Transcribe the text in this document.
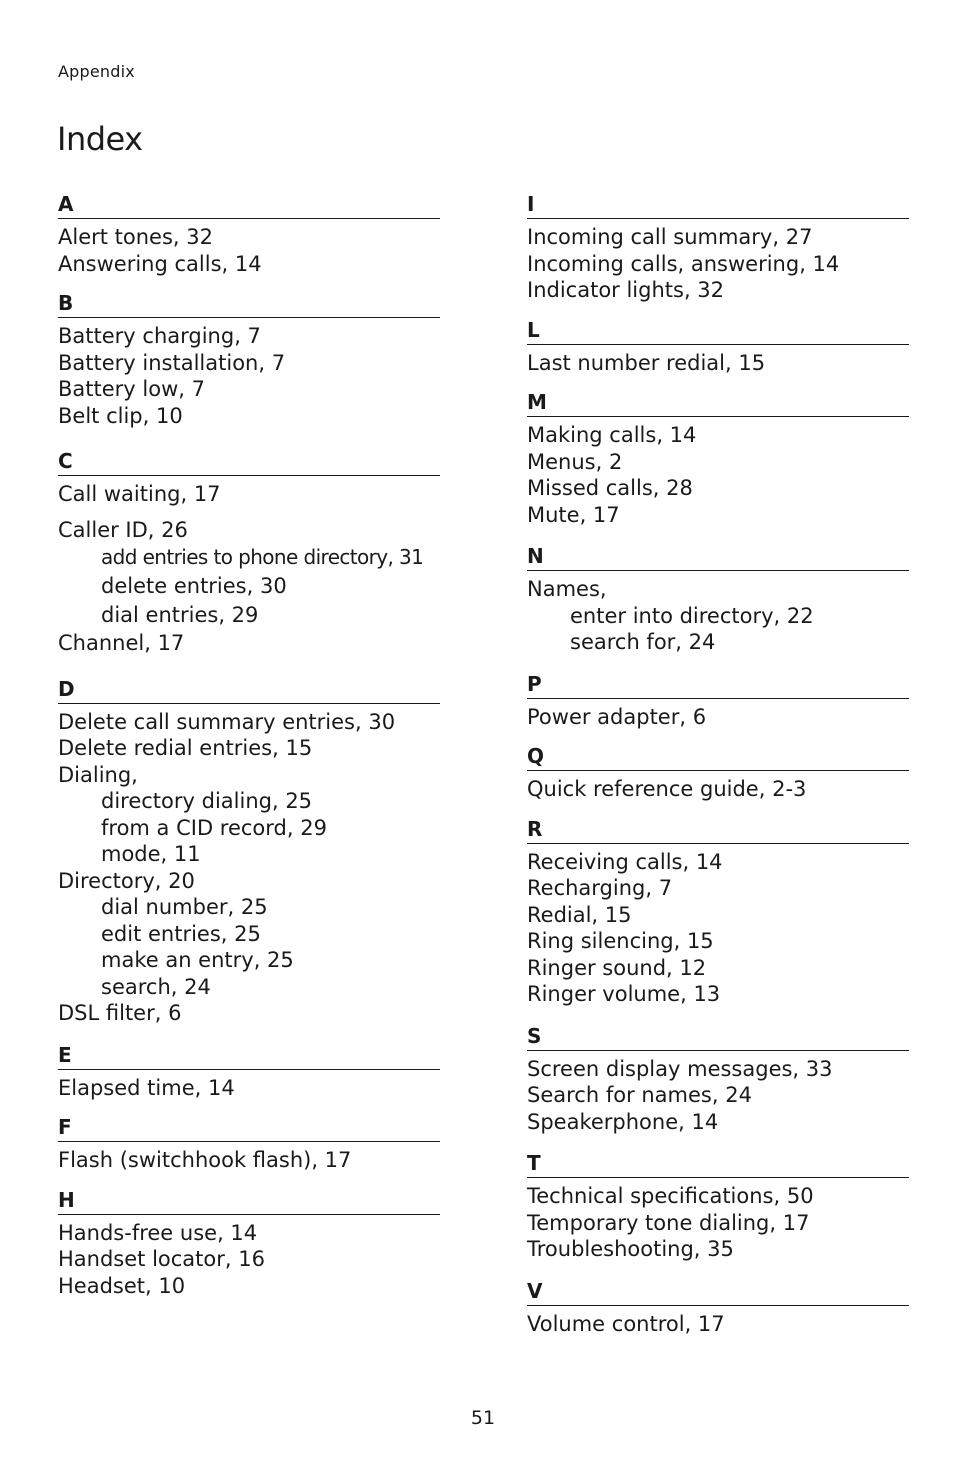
Appendix
Index
A
Alert tones, 32
Answering calls, 14
B
Battery charging, 7
Battery installation, 7
Battery low, 7
Belt clip, 10
C
Call waiting, 17
Caller ID, 26
add entries to phone directory, 31
delete entries, 30
dial entries, 29
Channel, 17
D
Delete call summary entries, 30
Delete redial entries, 15
Dialing,
directory dialing, 25
from a CID record, 29
mode, 11
Directory, 20
dial number, 25
edit entries, 25
make an entry, 25
search, 24
DSL filter, 6
E
Elapsed time, 14
F
Flash (switchhook flash), 17
H
Hands-free use, 14
Handset locator, 16
Headset, 10
I
Incoming call summary, 27
Incoming calls, answering, 14
Indicator lights, 32
L
Last number redial, 15
M
Making calls, 14
Menus, 2
Missed calls, 28
Mute, 17
N
Names,
enter into directory, 22
search for, 24
P
Power adapter, 6
Q
Quick reference guide, 2-3
R
Receiving calls, 14
Recharging, 7
Redial, 15
Ring silencing, 15
Ringer sound, 12
Ringer volume, 13
S
Screen display messages, 33
Search for names, 24
Speakerphone, 14
T
Technical specifications, 50
Temporary tone dialing, 17
Troubleshooting, 35
V
Volume control, 17
51
